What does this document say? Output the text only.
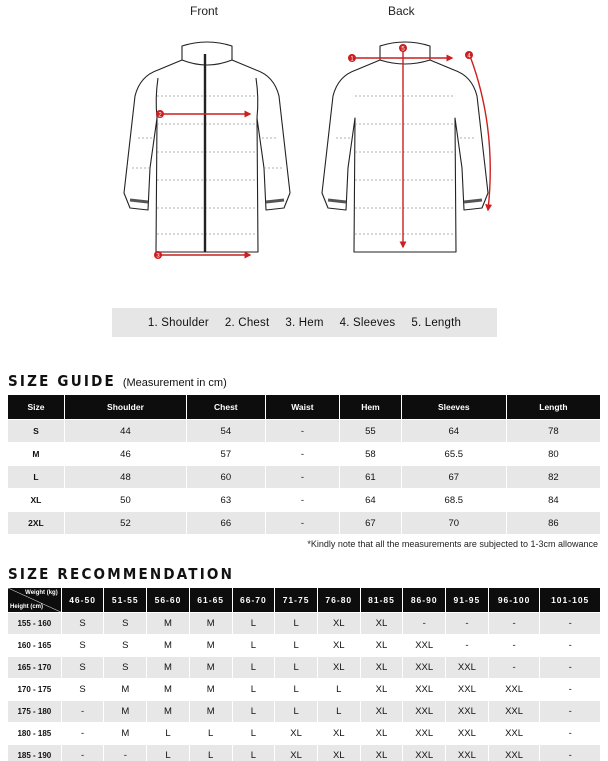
Front	Back
2
3
1
5
4
1. Shoulder 2. Chest 3. Hem 4. Sleeves 5. Length
SIZE GUIDE (Measurement in cm)
Size	Shoulder	Chest	Waist	Hem	Sleeves	Length
S	44	54	-	55	64	78
M	46	57	-	58	65.5	80
L	48	60	-	61	67	82
XL	50	63	-	64	68.5	84
2XL	52	66	-	67	70	86
*Kindly note that all the measurements are subjected to 1-3cm allowance
SIZE RECOMMENDATION
Weight (kg)
Height (cm)	46-50	51-55	56-60	61-65	66-70	71-75	76-80	81-85	86-90	91-95	96-100	101-105
155 - 160	S	S	M	M	L	L	XL	XL	-	-	-	-
160 - 165	S	S	M	M	L	L	XL	XL	XXL	-	-	-
165 - 170	S	S	M	M	L	L	XL	XL	XXL	XXL	-	-
170 - 175	S	M	M	M	L	L	L	XL	XXL	XXL	XXL	-
175 - 180	-	M	M	M	L	L	L	XL	XXL	XXL	XXL	-
180 - 185	-	M	L	L	L	XL	XL	XL	XXL	XXL	XXL	-
185 - 190	-	-	L	L	L	XL	XL	XL	XXL	XXL	XXL	-
